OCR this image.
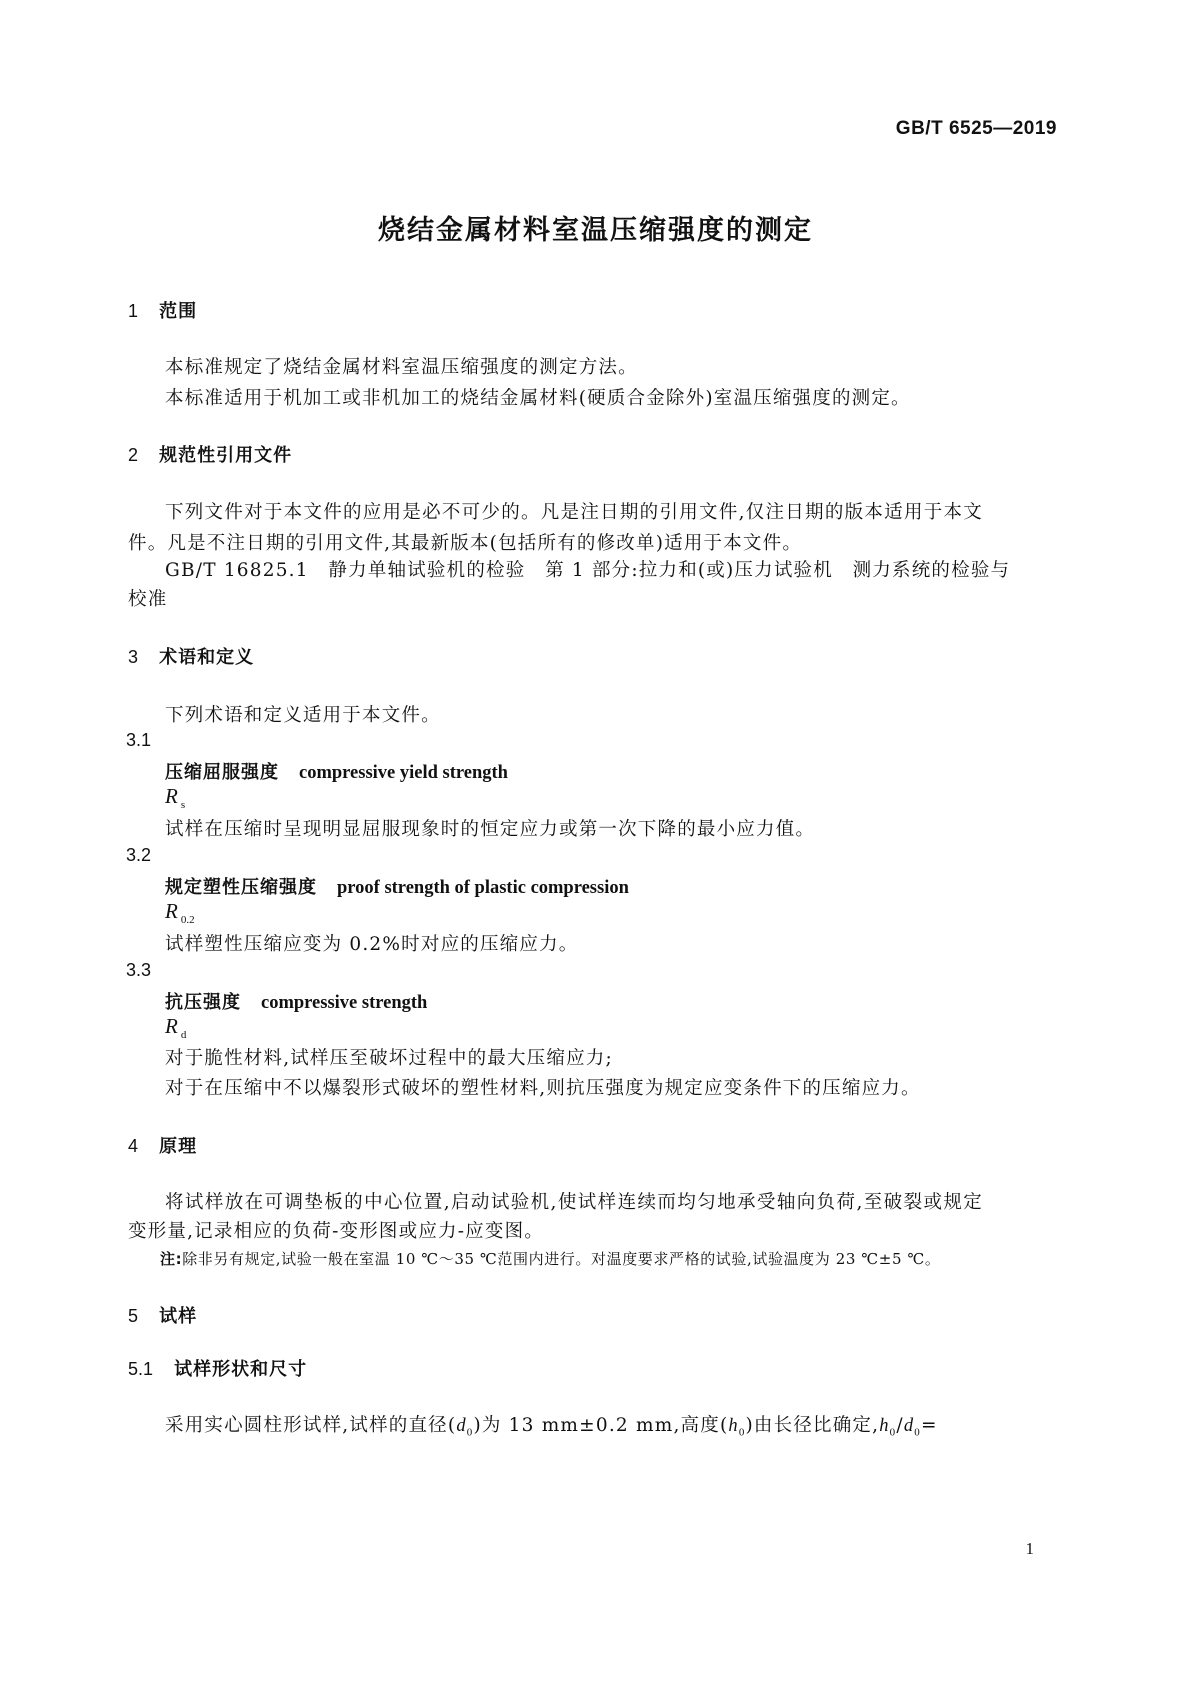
GB/T 6525—2019
烧结金属材料室温压缩强度的测定
1 范围
本标准规定了烧结金属材料室温压缩强度的测定方法。
本标准适用于机加工或非机加工的烧结金属材料(硬质合金除外)室温压缩强度的测定。
2 规范性引用文件
下列文件对于本文件的应用是必不可少的。凡是注日期的引用文件,仅注日期的版本适用于本文
件。凡是不注日期的引用文件,其最新版本(包括所有的修改单)适用于本文件。
GB/T 16825.1　静力单轴试验机的检验　第 1 部分:拉力和(或)压力试验机　测力系统的检验与
校准
3 术语和定义
下列术语和定义适用于本文件。
3.1
压缩屈服强度 compressive yield strength
R $_s$
试样在压缩时呈现明显屈服现象时的恒定应力或第一次下降的最小应力值。
3.2
规定塑性压缩强度 proof strength of plastic compression
R $_{0.2}$
试样塑性压缩应变为 0.2%时对应的压缩应力。
3.3
抗压强度 compressive strength
R $_d$
对于脆性材料,试样压至破坏过程中的最大压缩应力;
对于在压缩中不以爆裂形式破坏的塑性材料,则抗压强度为规定应变条件下的压缩应力。
4 原理
将试样放在可调垫板的中心位置,启动试验机,使试样连续而均匀地承受轴向负荷,至破裂或规定
变形量,记录相应的负荷-变形图或应力-应变图。
注:除非另有规定,试验一般在室温 10 ℃～35 ℃范围内进行。对温度要求严格的试验,试验温度为 23 ℃±5 ℃。
5 试样
5.1 试样形状和尺寸
采用实心圆柱形试样,试样的直径$(d_0)$为 13 mm±0.2 mm,高度$(h_0)$由长径比确定$,h_0/d_0=$
1
